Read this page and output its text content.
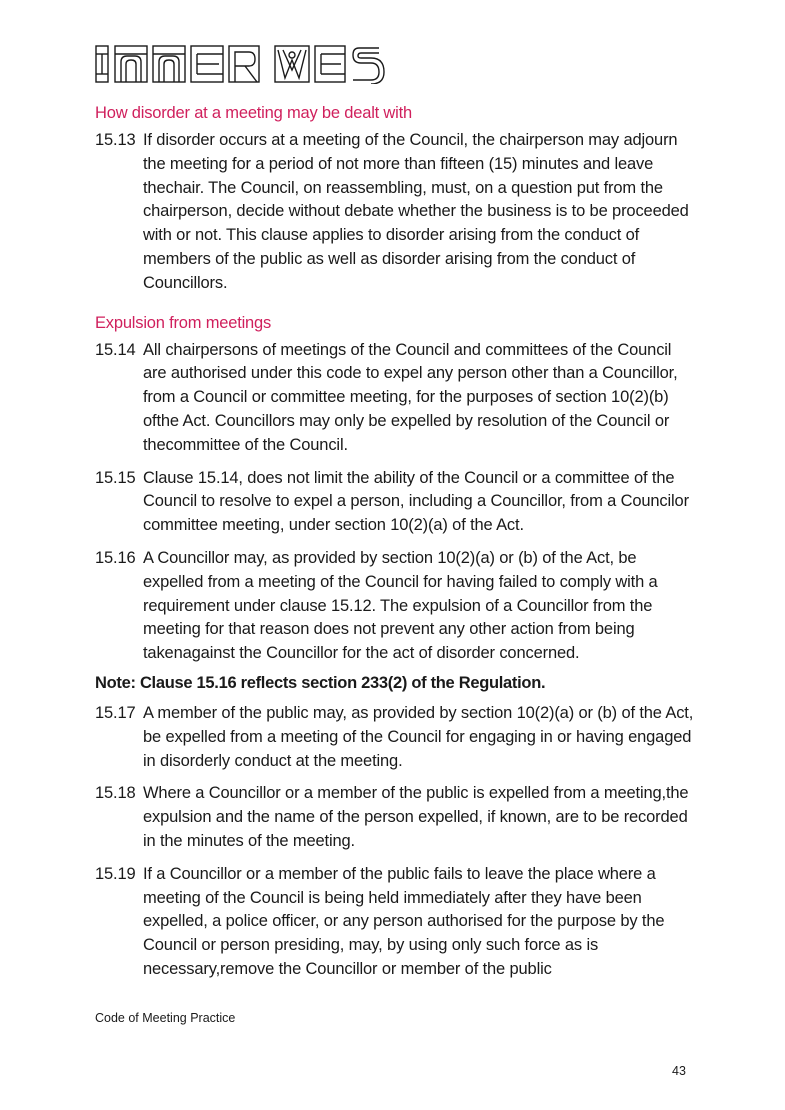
INNER WEST
How disorder at a meeting may be dealt with
15.13 If disorder occurs at a meeting of the Council, the chairperson may adjourn the meeting for a period of not more than fifteen (15) minutes and leave thechair. The Council, on reassembling, must, on a question put from the chairperson, decide without debate whether the business is to be proceeded with or not. This clause applies to disorder arising from the conduct of members of the public as well as disorder arising from the conduct of Councillors.
Expulsion from meetings
15.14 All chairpersons of meetings of the Council and committees of the Council are authorised under this code to expel any person other than a Councillor, from a Council or committee meeting, for the purposes of section 10(2)(b) ofthe Act. Councillors may only be expelled by resolution of the Council or thecommittee of the Council.
15.15 Clause 15.14, does not limit the ability of the Council or a committee of the Council to resolve to expel a person, including a Councillor, from a Councilor committee meeting, under section 10(2)(a) of the Act.
15.16 A Councillor may, as provided by section 10(2)(a) or (b) of the Act, be expelled from a meeting of the Council for having failed to comply with a requirement under clause 15.12. The expulsion of a Councillor from the meeting for that reason does not prevent any other action from being takenagainst the Councillor for the act of disorder concerned.
Note: Clause 15.16 reflects section 233(2) of the Regulation.
15.17 A member of the public may, as provided by section 10(2)(a) or (b) of the Act, be expelled from a meeting of the Council for engaging in or having engaged in disorderly conduct at the meeting.
15.18 Where a Councillor or a member of the public is expelled from a meeting,the expulsion and the name of the person expelled, if known, are to be recorded in the minutes of the meeting.
15.19 If a Councillor or a member of the public fails to leave the place where a meeting of the Council is being held immediately after they have been expelled, a police officer, or any person authorised for the purpose by the Council or person presiding, may, by using only such force as is necessary,remove the Councillor or member of the public
Code of Meeting Practice
43
